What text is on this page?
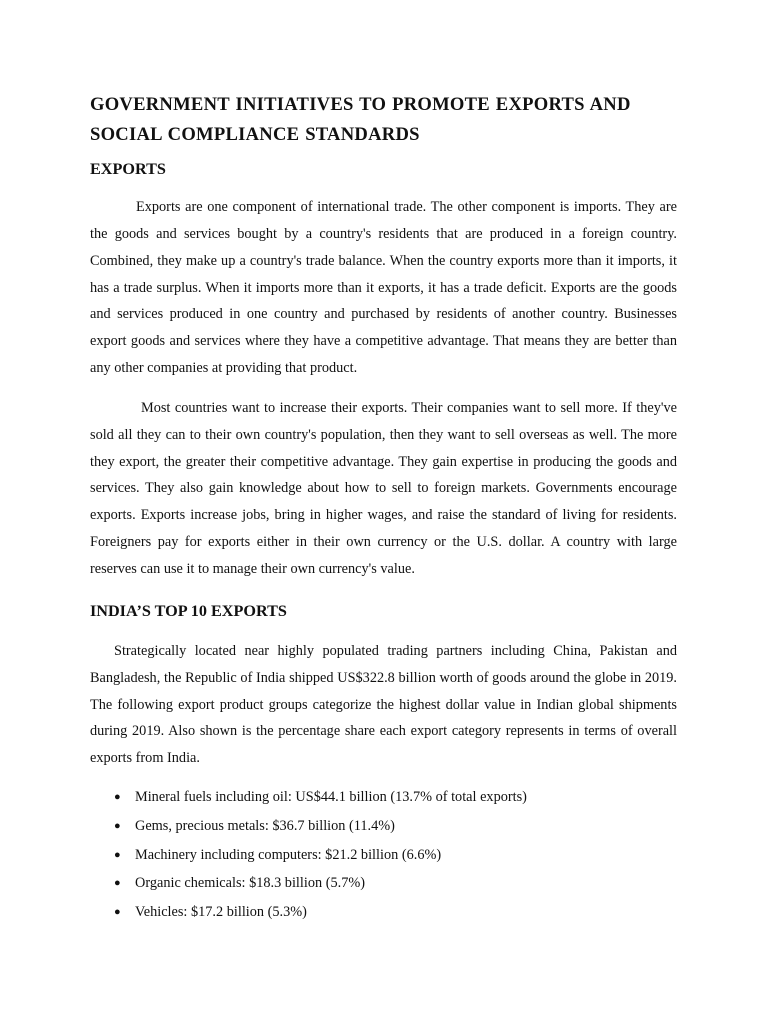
GOVERNMENT INITIATIVES TO PROMOTE EXPORTS AND SOCIAL COMPLIANCE STANDARDS
EXPORTS

Exports are one component of international trade. The other component is imports. They are the goods and services bought by a country's residents that are produced in a foreign country. Combined, they make up a country's trade balance. When the country exports more than it imports, it has a trade surplus. When it imports more than it exports, it has a trade deficit. Exports are the goods and services produced in one country and purchased by residents of another country. Businesses export goods and services where they have a competitive advantage. That means they are better than any other companies at providing that product.

Most countries want to increase their exports. Their companies want to sell more. If they've sold all they can to their own country's population, then they want to sell overseas as well. The more they export, the greater their competitive advantage. They gain expertise in producing the goods and services. They also gain knowledge about how to sell to foreign markets. Governments encourage exports. Exports increase jobs, bring in higher wages, and raise the standard of living for residents. Foreigners pay for exports either in their own currency or the U.S. dollar. A country with large reserves can use it to manage their own currency's value.

INDIA’S TOP 10 EXPORTS

Strategically located near highly populated trading partners including China, Pakistan and Bangladesh, the Republic of India shipped US$322.8 billion worth of goods around the globe in 2019. The following export product groups categorize the highest dollar value in Indian global shipments during 2019. Also shown is the percentage share each export category represents in terms of overall exports from India.

● Mineral fuels including oil: US$44.1 billion (13.7% of total exports)
● Gems, precious metals: $36.7 billion (11.4%)
● Machinery including computers: $21.2 billion (6.6%)
● Organic chemicals: $18.3 billion (5.7%)
● Vehicles: $17.2 billion (5.3%)
